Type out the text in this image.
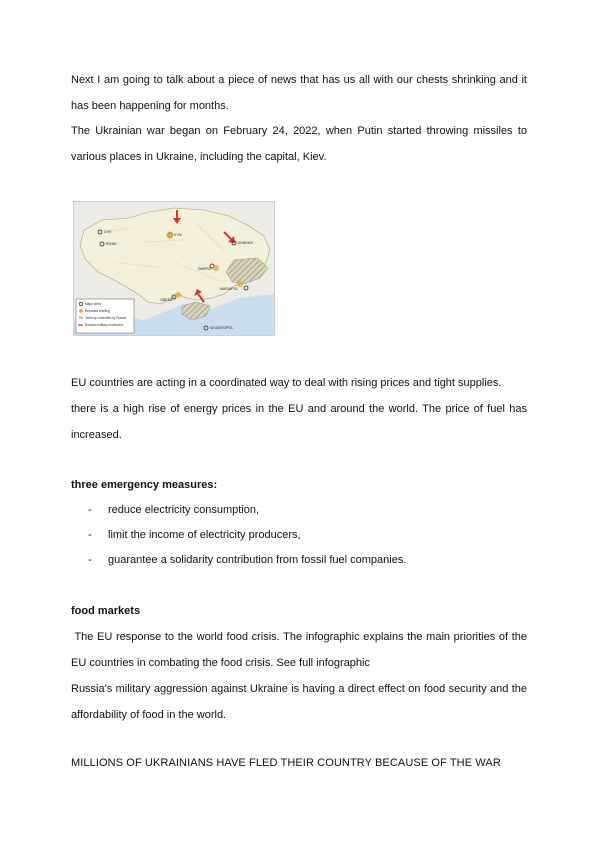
Next I am going to talk about a piece of news that has us all with our chests shrinking and it

has been happening for months.

The Ukrainian war began on February 24, 2022, when Putin started throwing missiles to

various places in Ukraine, including the capital, Kiev.

LVIV
RIVNE
KYIV
KHARKIV
DNIPRO
MARIUPOL
ODESA
SEVASTOPOL
Major cities
Reported shelling
Territory controlled by Russia
Russian military movement

EU countries are acting in a coordinated way to deal with rising prices and tight supplies.

there is a high rise of energy prices in the EU and around the world. The price of fuel has

increased.

three emergency measures:

- reduce electricity consumption,
- limit the income of electricity producers,
- guarantee a solidarity contribution from fossil fuel companies.

food markets

The EU response to the world food crisis. The infographic explains the main priorities of the

EU countries in combating the food crisis. See full infographic

Russia's military aggression against Ukraine is having a direct effect on food security and the

affordability of food in the world.

MILLIONS OF UKRAINIANS HAVE FLED THEIR COUNTRY BECAUSE OF THE WAR
